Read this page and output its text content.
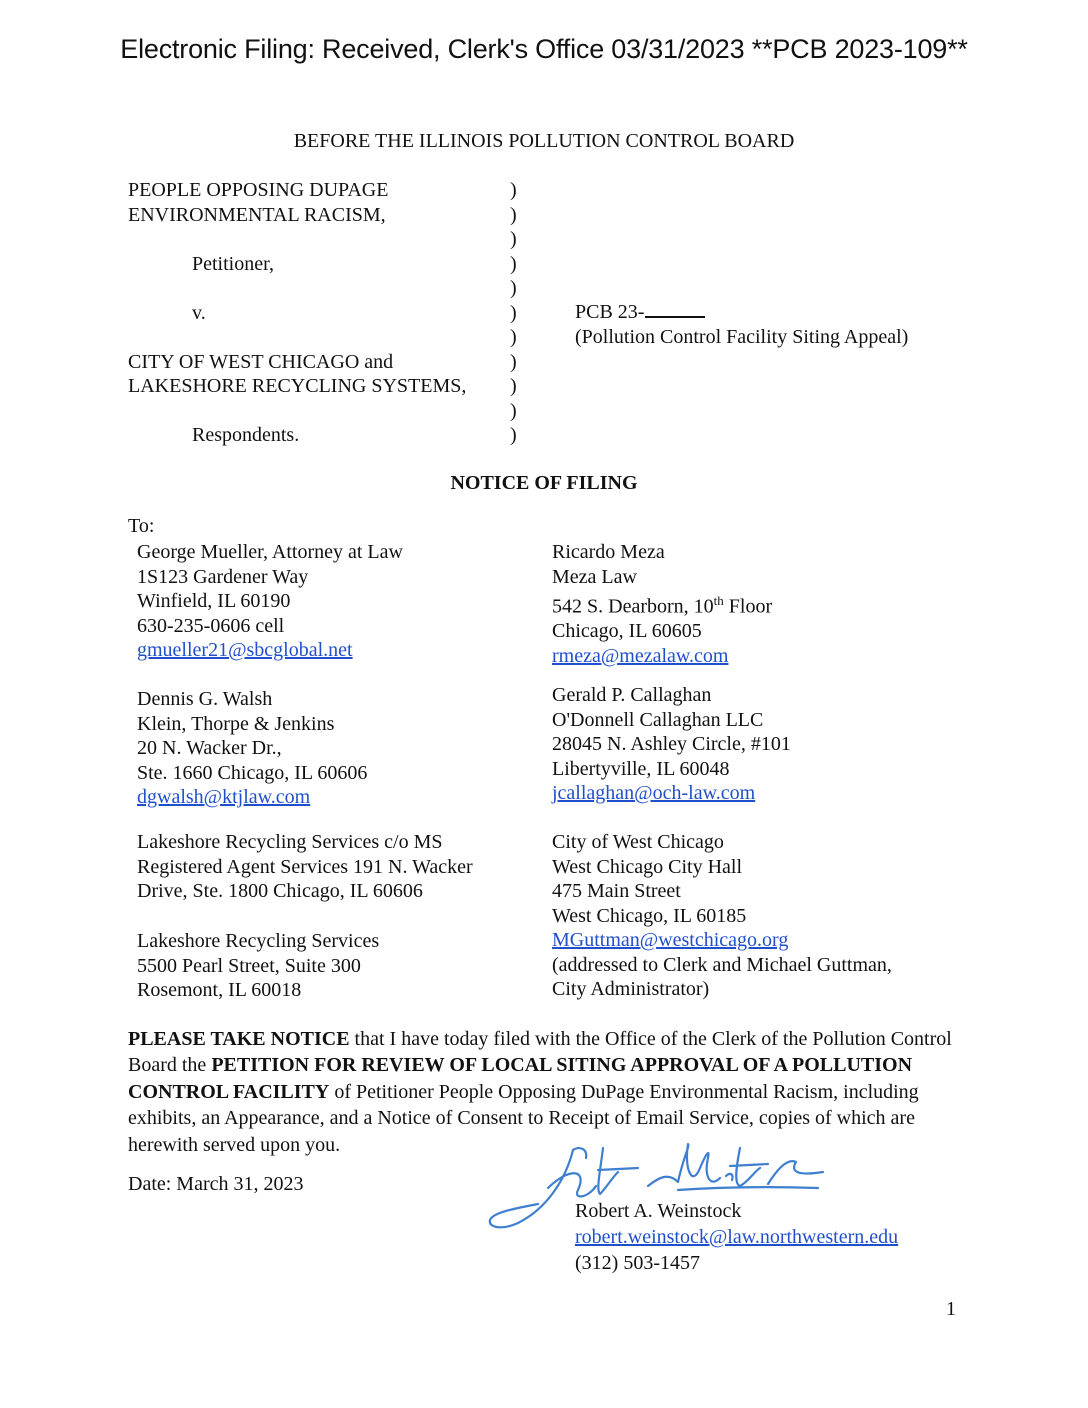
Electronic Filing: Received, Clerk's Office 03/31/2023 **PCB 2023-109**
BEFORE THE ILLINOIS POLLUTION CONTROL BOARD
PEOPLE OPPOSING DUPAGE
ENVIRONMENTAL RACISM,

Petitioner,

v.

CITY OF WEST CHICAGO and
LAKESHORE RECYCLING SYSTEMS,

Respondents.
)
)
)
)
)
)
)
)
)
)
)
PCB 23-
(Pollution Control Facility Siting Appeal)
NOTICE OF FILING
To:
George Mueller, Attorney at Law
1S123 Gardener Way
Winfield, IL 60190
630-235-0606 cell
gmueller21@sbcglobal.net
Dennis G. Walsh
Klein, Thorpe & Jenkins
20 N. Wacker Dr.,
Ste. 1660 Chicago, IL 60606
dgwalsh@ktjlaw.com
Lakeshore Recycling Services c/o MS
Registered Agent Services 191 N. Wacker
Drive, Ste. 1800 Chicago, IL 60606
Lakeshore Recycling Services
5500 Pearl Street, Suite 300
Rosemont, IL 60018
Ricardo Meza
Meza Law
542 S. Dearborn, 10th Floor
Chicago, IL 60605
rmeza@mezalaw.com
Gerald P. Callaghan
O'Donnell Callaghan LLC
28045 N. Ashley Circle, #101
Libertyville, IL 60048
jcallaghan@och-law.com
City of West Chicago
West Chicago City Hall
475 Main Street
West Chicago, IL 60185
MGuttman@westchicago.org
(addressed to Clerk and Michael Guttman,
City Administrator)
PLEASE TAKE NOTICE that I have today filed with the Office of the Clerk of the Pollution Control Board the PETITION FOR REVIEW OF LOCAL SITING APPROVAL OF A POLLUTION CONTROL FACILITY of Petitioner People Opposing DuPage Environmental Racism, including exhibits, an Appearance, and a Notice of Consent to Receipt of Email Service, copies of which are herewith served upon you.
Date: March 31, 2023
Robert A. Weinstock
robert.weinstock@law.northwestern.edu
(312) 503-1457
1
